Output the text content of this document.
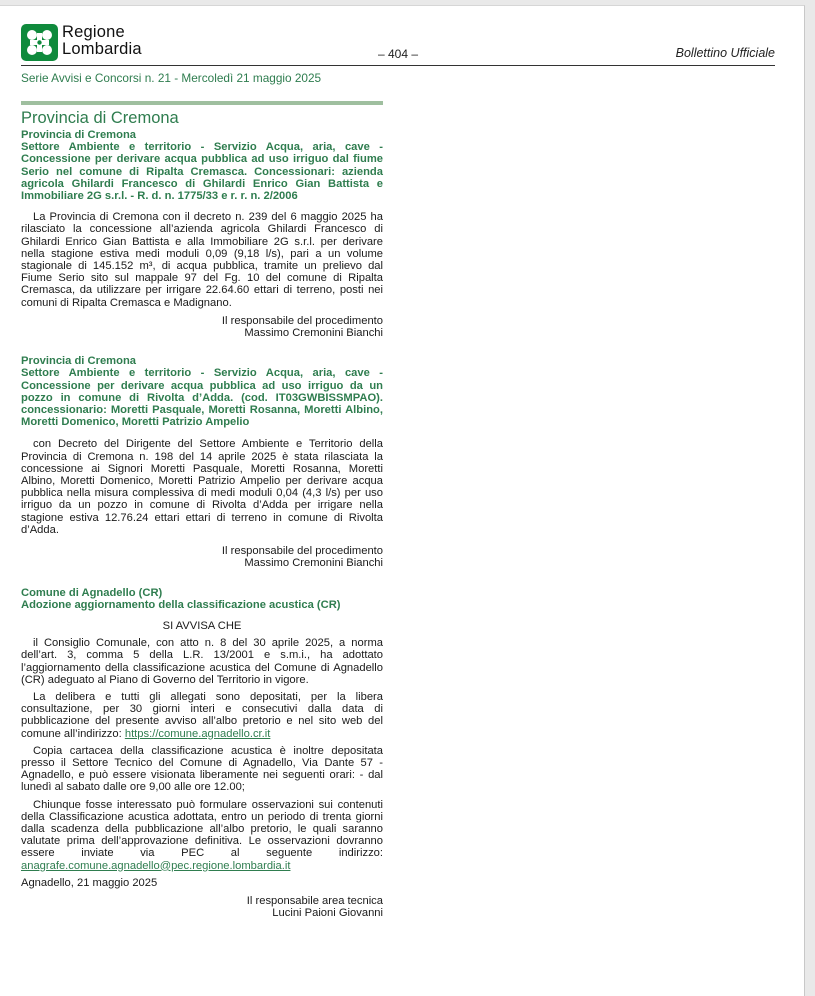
Regione
Lombardia	– 404 –	Bollettino Ufficiale
Serie Avvisi e Concorsi n. 21 - Mercoledì 21 maggio 2025
Provincia di Cremona
Provincia di Cremona
Settore Ambiente e territorio - Servizio Acqua, aria, cave - Concessione per derivare acqua pubblica ad uso irriguo dal fiume Serio nel comune di Ripalta Cremasca. Concessionari: azienda agricola Ghilardi Francesco di Ghilardi Enrico Gian Battista e Immobiliare 2G s.r.l. - R. d. n. 1775/33 e r. r. n. 2/2006

La Provincia di Cremona con il decreto n. 239 del 6 maggio 2025 ha rilasciato la concessione all’azienda agricola Ghilardi Francesco di Ghilardi Enrico Gian Battista e alla Immobiliare 2G s.r.l. per derivare nella stagione estiva medi moduli 0,09 (9,18 l/s), pari a un volume stagionale di 145.152 m³, di acqua pubblica, tramite un prelievo dal Fiume Serio sito sul mappale 97 del Fg. 10 del comune di Ripalta Cremasca, da utilizzare per irrigare 22.64.60 ettari di terreno, posti nei comuni di Ripalta Cremasca e Madignano.

Il responsabile del procedimento
Massimo Cremonini Bianchi
Provincia di Cremona
Settore Ambiente e territorio - Servizio Acqua, aria, cave - Concessione per derivare acqua pubblica ad uso irriguo da un pozzo in comune di Rivolta d’Adda. (cod. IT03GWBISSMPAO). concessionario: Moretti Pasquale, Moretti Rosanna, Moretti Albino, Moretti Domenico, Moretti Patrizio Ampelio

con Decreto del Dirigente del Settore Ambiente e Territorio della Provincia di Cremona n. 198 del 14 aprile 2025 è stata rilasciata la concessione ai Signori Moretti Pasquale, Moretti Rosanna, Moretti Albino, Moretti Domenico, Moretti Patrizio Ampelio per derivare acqua pubblica nella misura complessiva di medi moduli 0,04 (4,3 l/s) per uso irriguo da un pozzo in comune di Rivolta d’Adda per irrigare nella stagione estiva 12.76.24 ettari ettari di terreno in comune di Rivolta d’Adda.

Il responsabile del procedimento
Massimo Cremonini Bianchi
Comune di Agnadello (CR)
Adozione aggiornamento della classificazione acustica (CR)
SI AVVISA CHE

il Consiglio Comunale, con atto n. 8 del 30 aprile 2025, a norma dell’art. 3, comma 5 della L.R. 13/2001 e s.m.i., ha adottato l’aggiornamento della classificazione acustica del Comune di Agnadello (CR) adeguato al Piano di Governo del Territorio in vigore.

La delibera e tutti gli allegati sono depositati, per la libera consultazione, per 30 giorni interi e consecutivi dalla data di pubblicazione del presente avviso all’albo pretorio e nel sito web del comune all’indirizzo: https://comune.agnadello.cr.it

Copia cartacea della classificazione acustica è inoltre depositata presso il Settore Tecnico del Comune di Agnadello, Via Dante 57 - Agnadello, e può essere visionata liberamente nei seguenti orari: - dal lunedì al sabato dalle ore 9,00 alle ore 12.00;

Chiunque fosse interessato può formulare osservazioni sui contenuti della Classificazione acustica adottata, entro un periodo di trenta giorni dalla scadenza della pubblicazione all’albo pretorio, le quali saranno valutate prima dell’approvazione definitiva. Le osservazioni dovranno essere inviate via PEC al seguente indirizzo: anagrafe.comune.agnadello@pec.regione.lombardia.it

Agnadello, 21 maggio 2025
Il responsabile area tecnica
Lucini Paioni Giovanni
